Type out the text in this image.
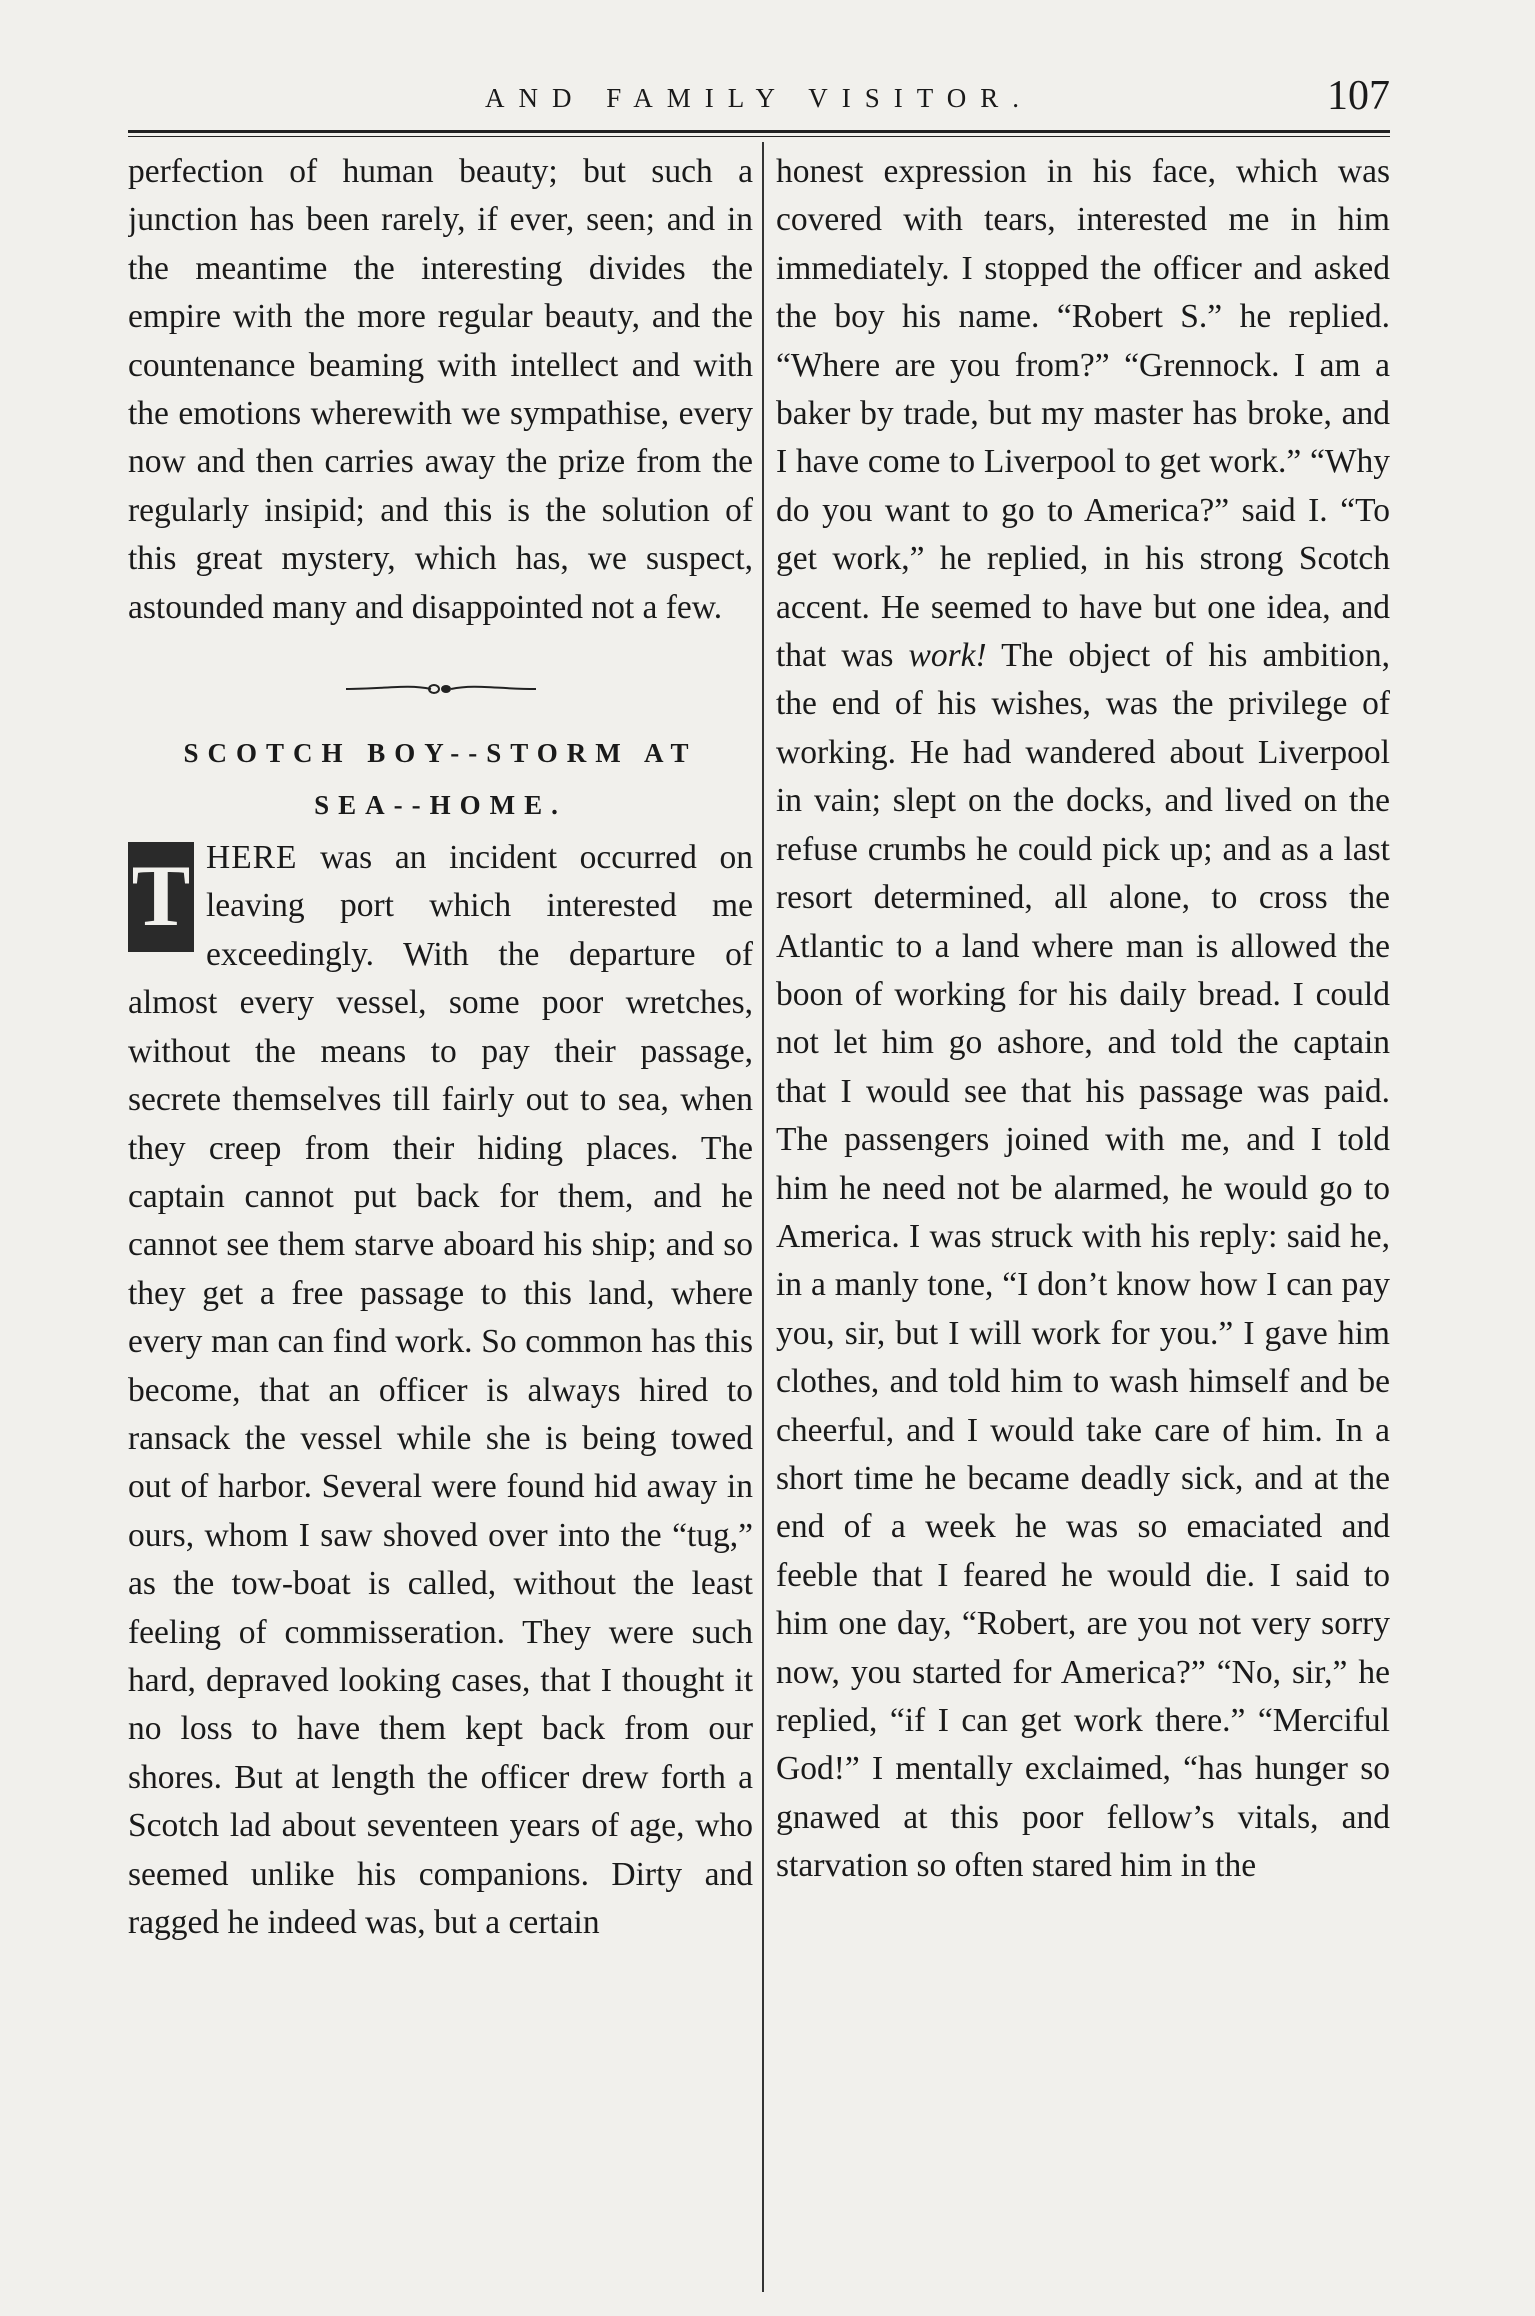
AND FAMILY VISITOR.	107

perfection of human beauty; but such a junction has been rarely, if ever, seen; and in the meantime the interesting divides the empire with the more regular beauty, and the countenance beaming with intellect and with the emotions wherewith we sympathise, every now and then carries away the prize from the regularly insipid; and this is the solution of this great mystery, which has, we suspect, astounded many and disappointed not a few.

SCOTCH BOY--STORM AT
SEA--HOME.

T HERE was an incident occurred on leaving port which interested me exceedingly. With the departure of almost every vessel, some poor wretches, without the means to pay their passage, secrete themselves till fairly out to sea, when they creep from their hiding places. The captain cannot put back for them, and he cannot see them starve aboard his ship; and so they get a free passage to this land, where every man can find work. So common has this become, that an officer is always hired to ransack the vessel while she is being towed out of harbor. Several were found hid away in ours, whom I saw shoved over into the “tug,” as the tow-boat is called, without the least feeling of commisseration. They were such hard, depraved looking cases, that I thought it no loss to have them kept back from our shores. But at length the officer drew forth a Scotch lad about seventeen years of age, who seemed unlike his companions. Dirty and ragged he indeed was, but a certain

honest expression in his face, which was covered with tears, interested me in him immediately. I stopped the officer and asked the boy his name. “Robert S.” he replied. “Where are you from?” “Grennock. I am a baker by trade, but my master has broke, and I have come to Liverpool to get work.” “Why do you want to go to America?” said I. “To get work,” he replied, in his strong Scotch accent. He seemed to have but one idea, and that was work! The object of his ambition, the end of his wishes, was the privilege of working. He had wandered about Liverpool in vain; slept on the docks, and lived on the refuse crumbs he could pick up; and as a last resort determined, all alone, to cross the Atlantic to a land where man is allowed the boon of working for his daily bread. I could not let him go ashore, and told the captain that I would see that his passage was paid. The passengers joined with me, and I told him he need not be alarmed, he would go to America. I was struck with his reply: said he, in a manly tone, “I don’t know how I can pay you, sir, but I will work for you.” I gave him clothes, and told him to wash himself and be cheerful, and I would take care of him. In a short time he became deadly sick, and at the end of a week he was so emaciated and feeble that I feared he would die. I said to him one day, “Robert, are you not very sorry now, you started for America?” “No, sir,” he replied, “if I can get work there.” “Merciful God!” I mentally exclaimed, “has hunger so gnawed at this poor fellow’s vitals, and starvation so often stared him in the
